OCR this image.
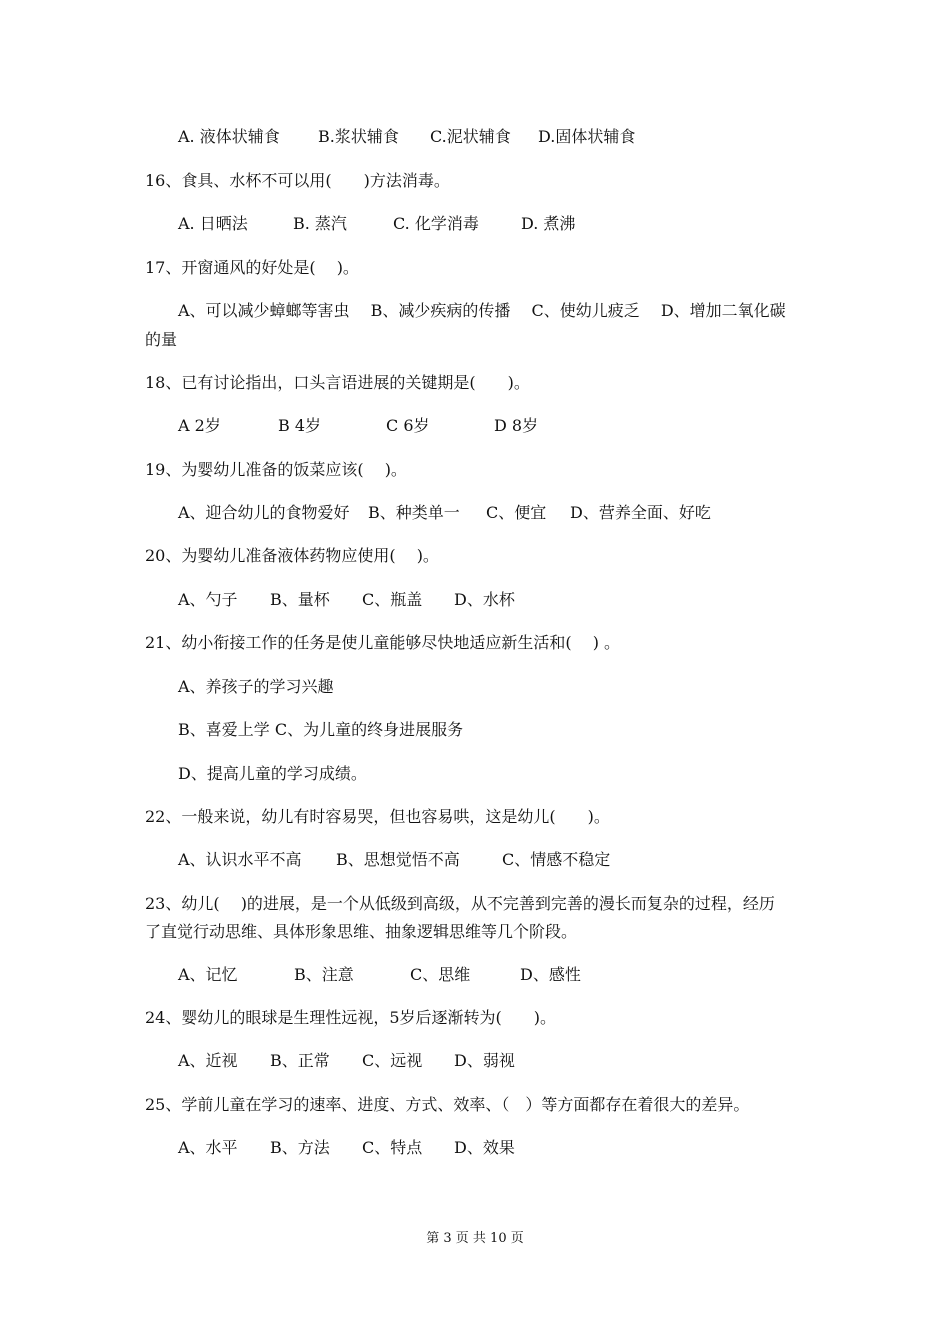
A. 液体状辅食 B.浆状辅食 C.泥状辅食 D.固体状辅食
16、食具、水杯不可以用(　　)方法消毒。
A. 日晒法	B. 蒸汽	C. 化学消毒	D. 煮沸
17、开窗通风的好处是(　 )。
A、可以减少蟑螂等害虫　 B、减少疾病的传播　 C、使幼儿疲乏　 D、增加二氧化碳
的量
18、已有讨论指出，口头言语进展的关键期是(　　)。
A 2岁	B 4岁	C 6岁	D 8岁
19、为婴幼儿准备的饭菜应该(　 )。
A、迎合幼儿的食物爱好 B、种类单一 C、便宜 D、营养全面、好吃
20、为婴幼儿准备液体药物应使用(　 )。
A、勺子 B、量杯 C、瓶盖 D、水杯
21、幼小衔接工作的任务是使儿童能够尽快地适应新生活和(　 ) 。
A、养孩子的学习兴趣
B、喜爱上学 C、为儿童的终身进展服务
D、提高儿童的学习成绩。
22、一般来说，幼儿有时容易哭，但也容易哄，这是幼儿(　　)。
A、认识水平不高 B、思想觉悟不高	C、情感不稳定
23、幼儿(　 )的进展，是一个从低级到高级，从不完善到完善的漫长而复杂的过程，经历
了直觉行动思维、具体形象思维、抽象逻辑思维等几个阶段。
A、记忆	B、注意	C、思维	D、感性
24、婴幼儿的眼球是生理性远视，5岁后逐渐转为(　　)。
A、近视 B、正常 C、远视 D、弱视
25、学前儿童在学习的速率、进度、方式、效率、（　）等方面都存在着很大的差异。
A、水平 B、方法 C、特点 D、效果
第 3 页 共 10 页
